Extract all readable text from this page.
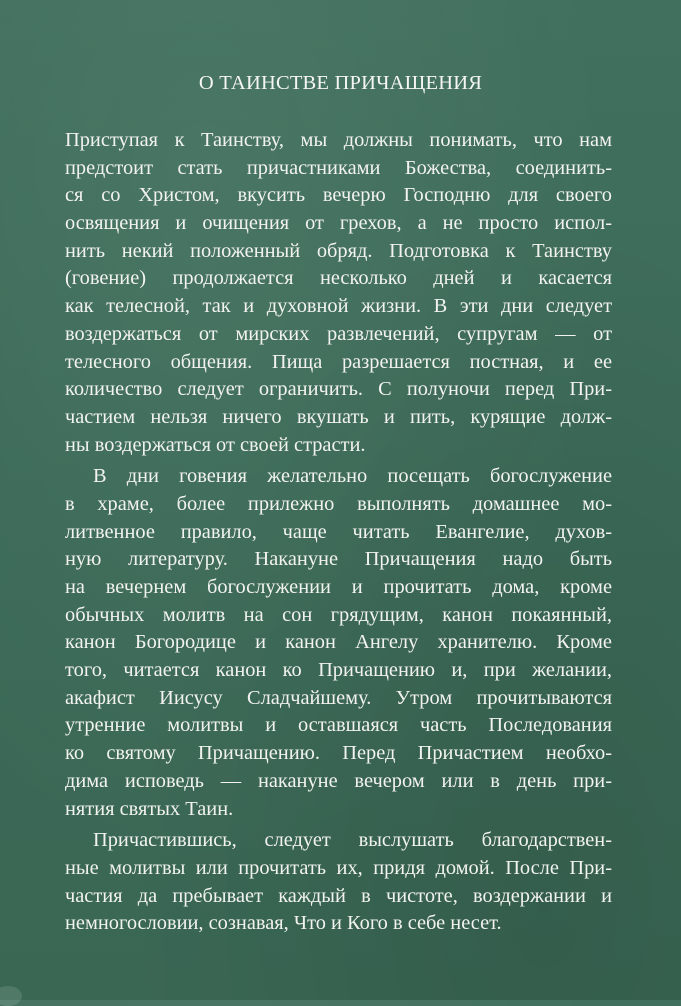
О ТАИНСТВЕ ПРИЧАЩЕНИЯ

Приступая к Таинству, мы должны понимать, что нам
предстоит стать причастниками Божества, соединить-
ся со Христом, вкусить вечерю Господню для своего
освящения и очищения от грехов, а не просто испол-
нить некий положенный обряд. Подготовка к Таинству
(говение) продолжается несколько дней и касается
как телесной, так и духовной жизни. В эти дни следует
воздержаться от мирских развлечений, супругам — от
телесного общения. Пища разрешается постная, и ее
количество следует ограничить. С полуночи перед При-
частием нельзя ничего вкушать и пить, курящие долж-
ны воздержаться от своей страсти.

В дни говения желательно посещать богослужение
в храме, более прилежно выполнять домашнее мо-
литвенное правило, чаще читать Евангелие, духов-
ную литературу. Накануне Причащения надо быть
на вечернем богослужении и прочитать дома, кроме
обычных молитв на сон грядущим, канон покаянный,
канон Богородице и канон Ангелу хранителю. Кроме
того, читается канон ко Причащению и, при желании,
акафист Иисусу Сладчайшему. Утром прочитываются
утренние молитвы и оставшаяся часть Последования
ко святому Причащению. Перед Причастием необхо-
дима исповедь — накануне вечером или в день при-
нятия святых Таин.

Причастившись, следует выслушать благодарствен-
ные молитвы или прочитать их, придя домой. После При-
частия да пребывает каждый в чистоте, воздержании и
немногословии, сознавая, Что и Кого в себе несет.
